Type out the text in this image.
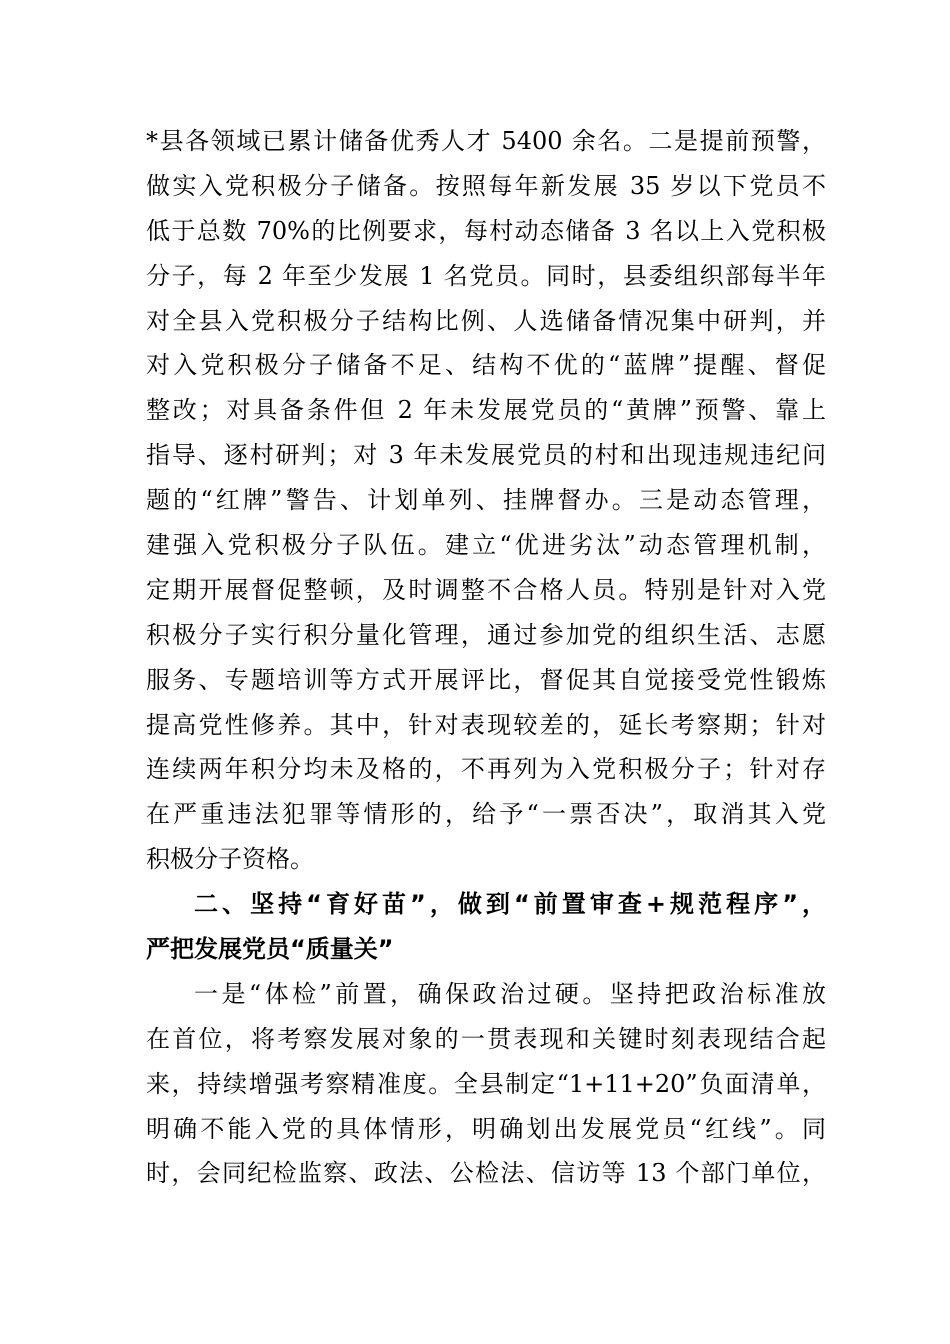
*县各领域已累计储备优秀人才 5400 余名。二是提前预警，
做实入党积极分子储备。按照每年新发展 35 岁以下党员不
低于总数 70%的比例要求，每村动态储备 3 名以上入党积极
分子，每 2 年至少发展 1 名党员。同时，县委组织部每半年
对全县入党积极分子结构比例、人选储备情况集中研判，并
对入党积极分子储备不足、结构不优的“蓝牌”提醒、督促
整改；对具备条件但 2 年未发展党员的“黄牌”预警、靠上
指导、逐村研判；对 3 年未发展党员的村和出现违规违纪问
题的“红牌”警告、计划单列、挂牌督办。三是动态管理，
建强入党积极分子队伍。建立“优进劣汰”动态管理机制，
定期开展督促整顿，及时调整不合格人员。特别是针对入党
积极分子实行积分量化管理，通过参加党的组织生活、志愿
服务、专题培训等方式开展评比，督促其自觉接受党性锻炼
提高党性修养。其中，针对表现较差的，延长考察期；针对
连续两年积分均未及格的，不再列为入党积极分子；针对存
在严重违法犯罪等情形的，给予“一票否决”，取消其入党
积极分子资格。
二、坚持“育好苗”，做到“前置审查+规范程序”，
严把发展党员“质量关”
一是“体检”前置，确保政治过硬。坚持把政治标准放
在首位，将考察发展对象的一贯表现和关键时刻表现结合起
来，持续增强考察精准度。全县制定“1+11+20”负面清单，
明确不能入党的具体情形，明确划出发展党员“红线”。同
时，会同纪检监察、政法、公检法、信访等 13 个部门单位，
